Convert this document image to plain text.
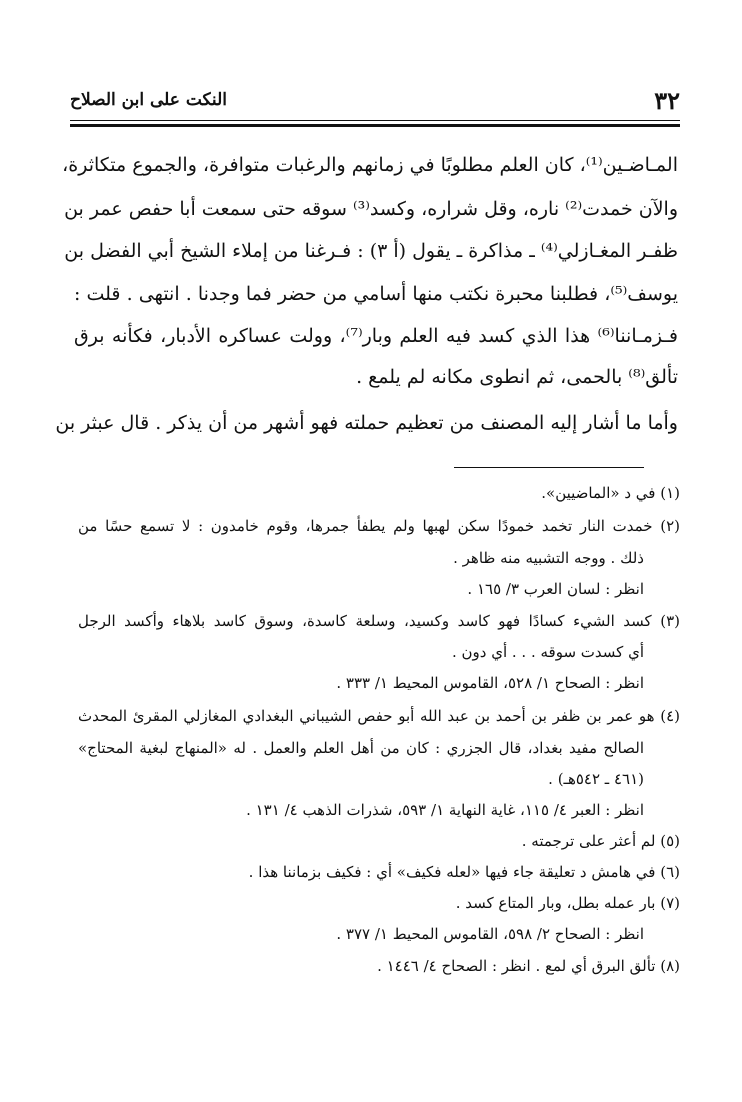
٣٢
النكت على ابن الصلاح
المـاضـين⁽¹⁾، كان العلم مطلوبًا في زمانهم والرغبات متوافرة، والجموع متكاثرة،
والآن خمدت⁽²⁾ ناره، وقل شراره، وكسد⁽³⁾ سوقه حتى سمعت أبا حفص عمر بن
ظفـر المغـازلي⁽⁴⁾ ـ مذاكرة ـ يقول (أ ٣) : فـرغنا من إملاء الشيخ أبي الفضل بن
يوسف⁽⁵⁾، فطلبنا محبرة نكتب منها أسامي من حضر فما وجدنا . انتهى . قلت :
فـزمـاننا⁽⁶⁾ هذا الذي كسد فيه العلم وبار⁽⁷⁾، وولت عساكره الأدبار، فكأنه برق
تألق⁽⁸⁾ بالحمى، ثم انطوى مكانه لم يلمع .
وأما ما أشار إليه المصنف من تعظيم حملته فهو أشهر من أن يذكر . قال عبثر بن
(١) في د «الماضيين».
(٢) خمدت النار تخمد خمودًا سكن لهبها ولم يطفأ جمرها، وقوم خامدون : لا تسمع حسًا من
ذلك . ووجه التشبيه منه ظاهر .
انظر : لسان العرب ٣/ ١٦٥ .
(٣) كسد الشيء كسادًا فهو كاسد وكسيد، وسلعة كاسدة، وسوق كاسد بلاهاء وأكسد الرجل
أي كسدت سوقه . . . أي دون .
انظر : الصحاح ١/ ٥٢٨، القاموس المحيط ١/ ٣٣٣ .
(٤) هو عمر بن ظفر بن أحمد بن عبد الله أبو حفص الشيباني البغدادي المغازلي المقرئ المحدث
الصالح مفيد بغداد، قال الجزري : كان من أهل العلم والعمل . له «المنهاج لبغية المحتاج»
(٤٦١ ـ ٥٤٢هـ) .
انظر : العبر ٤/ ١١٥، غاية النهاية ١/ ٥٩٣، شذرات الذهب ٤/ ١٣١ .
(٥) لم أعثر على ترجمته .
(٦) في هامش د تعليقة جاء فيها «لعله فكيف» أي : فكيف بزماننا هذا .
(٧) بار عمله بطل، وبار المتاع كسد .
انظر : الصحاح ٢/ ٥٩٨، القاموس المحيط ١/ ٣٧٧ .
(٨) تألق البرق أي لمع . انظر : الصحاح ٤/ ١٤٤٦ .
